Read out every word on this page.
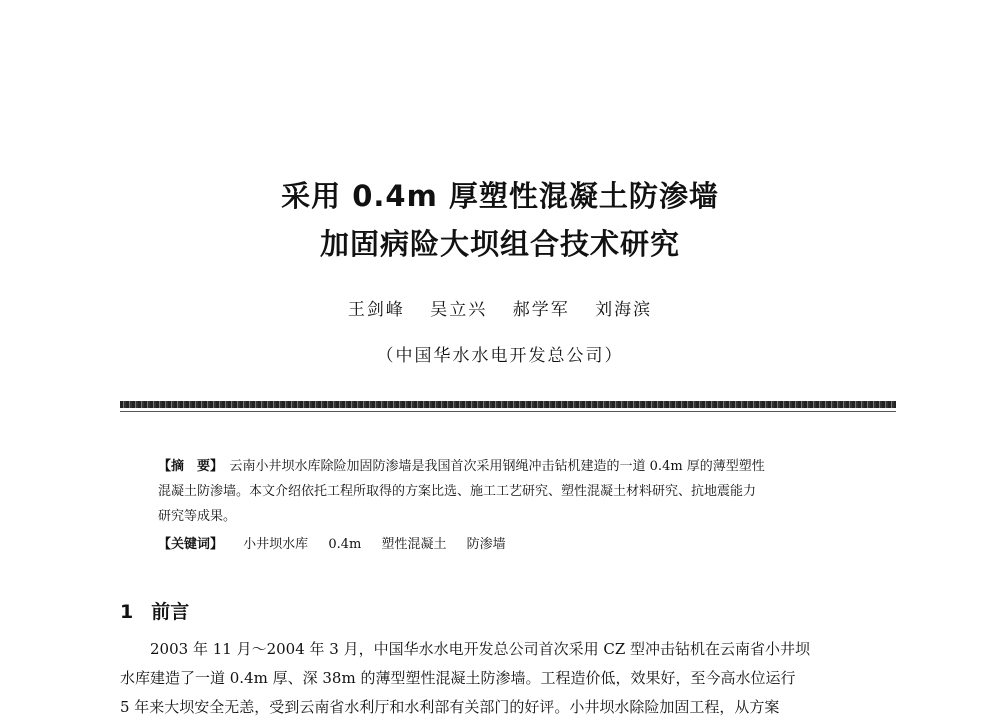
采用 0.4m 厚塑性混凝土防渗墙
加固病险大坝组合技术研究
王剑峰 吴立兴 郝学军 刘海滨
（中国华水水电开发总公司）
【摘　要】　 云南小井坝水库除险加固防渗墙是我国首次采用钢绳冲击钻机建造的一道 0.4m 厚的薄型塑性
混凝土防渗墙。本文介绍依托工程所取得的方案比选、施工工艺研究、塑性混凝土材料研究、抗地震能力
研究等成果。
【关键词】 小井坝水库 0.4m 塑性混凝土 防渗墙
1 前言
2003 年 11 月～2004 年 3 月，中国华水水电开发总公司首次采用 CZ 型冲击钻机在云南省小井坝
水库建造了一道 0.4m 厚、深 38m 的薄型塑性混凝土防渗墙。工程造价低，效果好，至今高水位运行
5 年来大坝安全无恙，受到云南省水利厅和水利部有关部门的好评。小井坝水除险加固工程，从方案
